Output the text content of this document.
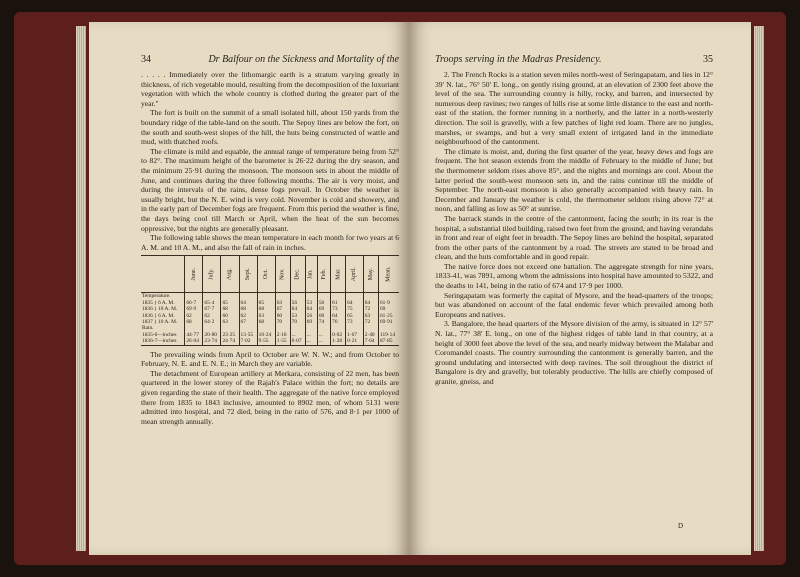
34	Dr Balfour on the Sickness and Mortality of the

. . . . . Immediately over the lithomargic earth is a stratum varying greatly in thickness, of rich vegetable mould, resulting from the decomposition of the luxuriant vegetation with which the whole country is clothed during the greater part of the year."

The fort is built on the summit of a small isolated hill, about 150 yards from the boundary ridge of the table-land on the south. The Sepoy lines are below the fort, on the south and south-west slopes of the hill, the huts being constructed of wattle and mud, with thatched roofs.

The climate is mild and equable, the annual range of temperature being from 52° to 82°. The maximum height of the barometer is 26·22 during the dry season, and the minimum 25·91 during the monsoon. The monsoon sets in about the middle of June, and continues during the three following months. The air is very moist, and during the intervals of the rains, dense fogs prevail. In October the weather is usually bright, but the N. E. wind is very cold. November is cold and showery, and in the early part of December fogs are frequent. From this period the weather is fine, the days being cool till March or April, when the heat of the sun becomes oppressive, but the nights are generally pleasant.

The following table shows the mean temperature in each month for two years at 6 A. M. and 10 A. M., and also the fall of rain in inches.

	June.	July.	Aug.	Sept.	Oct.	Nov.	Dec.	Jan.	Feb.	Mar.	April.	May.	Mean.
Temperature.													
1835 } 6 A. M.	66·7	65·4	65	64	65	63	56	53	56	61	64	64	61·9
1836 } 10 A. M.	69·9	67·7	68	68	68	67	64	64	69	73	75	72	69
1836 } 6 A. M.	62	62	60	62	63	60	53	56	60	64	65	63	61·25
1837 } 10 A. M.	68	64·2	63	67	68	70	70	69	74	76	73	72	69·91
Rain.													
1835-6—inches	44·77	20·80	23·25	13·55	10·24	2·18	...	...	...	0·02	1·67	2·40	119·14
1836-7—inches	26·04	23·74	24·74	7·02	9·55	1·55	0·07	...	...	1·28	0·21	7·64	87·85

The prevailing winds from April to October are W. N. W.; and from October to February, N. E. and E. N. E.; in March they are variable.

The detachment of European artillery at Merkara, consisting of 22 men, has been quartered in the lower storey of the Rajah's Palace within the fort; no details are given regarding the state of their health. The aggregate of the native force employed there from 1835 to 1843 inclusive, amounted to 8902 men, of whom 5131 were admitted into hospital, and 72 died, being in the ratio of 576, and 8·1 per 1000 of mean strength annually.

Troops serving in the Madras Presidency.	35

2. The French Rocks is a station seven miles north-west of Seringapatam, and lies in 12° 39' N. lat., 76° 50' E. long., on gently rising ground, at an elevation of 2300 feet above the level of the sea. The surrounding country is hilly, rocky, and barren, and intersected by numerous deep ravines; two ranges of hills rise at some little distance to the east and north-east of the station, the former running in a northerly, and the latter in a north-westerly direction. The soil is gravelly, with a few patches of light red loam. There are no jungles, marshes, or swamps, and but a very small extent of irrigated land in the immediate neighbourhood of the cantonment.

The climate is moist, and, during the first quarter of the year, heavy dews and fogs are frequent. The hot season extends from the middle of February to the middle of June; but the thermometer seldom rises above 85°, and the nights and mornings are cool. About the latter period the south-west monsoon sets in, and the rains continue till the middle of September. The north-east monsoon is also generally accompanied with heavy rain. In December and January the weather is cold, the thermometer seldom rising above 72° at noon, and falling as low as 50° at sunrise.

The barrack stands in the centre of the cantonment, facing the south; in its rear is the hospital, a substantial tiled building, raised two feet from the ground, and having verandahs in front and rear of eight feet in breadth. The Sepoy lines are behind the hospital, separated from the other parts of the cantonment by a road. The streets are stated to be broad and clean, and the huts comfortable and in good repair.

The native force does not exceed one battalion. The aggregate strength for nine years, 1833-41, was 7891, among whom the admissions into hospital have amounted to 5322, and the deaths to 141, being in the ratio of 674 and 17·9 per 1000.

Seringapatam was formerly the capital of Mysore, and the head-quarters of the troops; but was abandoned on account of the fatal endemic fever which prevailed among both Europeans and natives.

3. Bangalore, the head quarters of the Mysore division of the army, is situated in 12° 57' N. lat., 77° 38' E. long., on one of the highest ridges of table land in that country, at a height of 3000 feet above the level of the sea, and nearly midway between the Malabar and Coromandel coasts. The country surrounding the cantonment is generally barren, and the ground undulating and intersected with deep ravines. The soil throughout the district of Bangalore is dry and gravelly, but tolerably productive. The hills are chiefly composed of granite, gneiss, and

D
